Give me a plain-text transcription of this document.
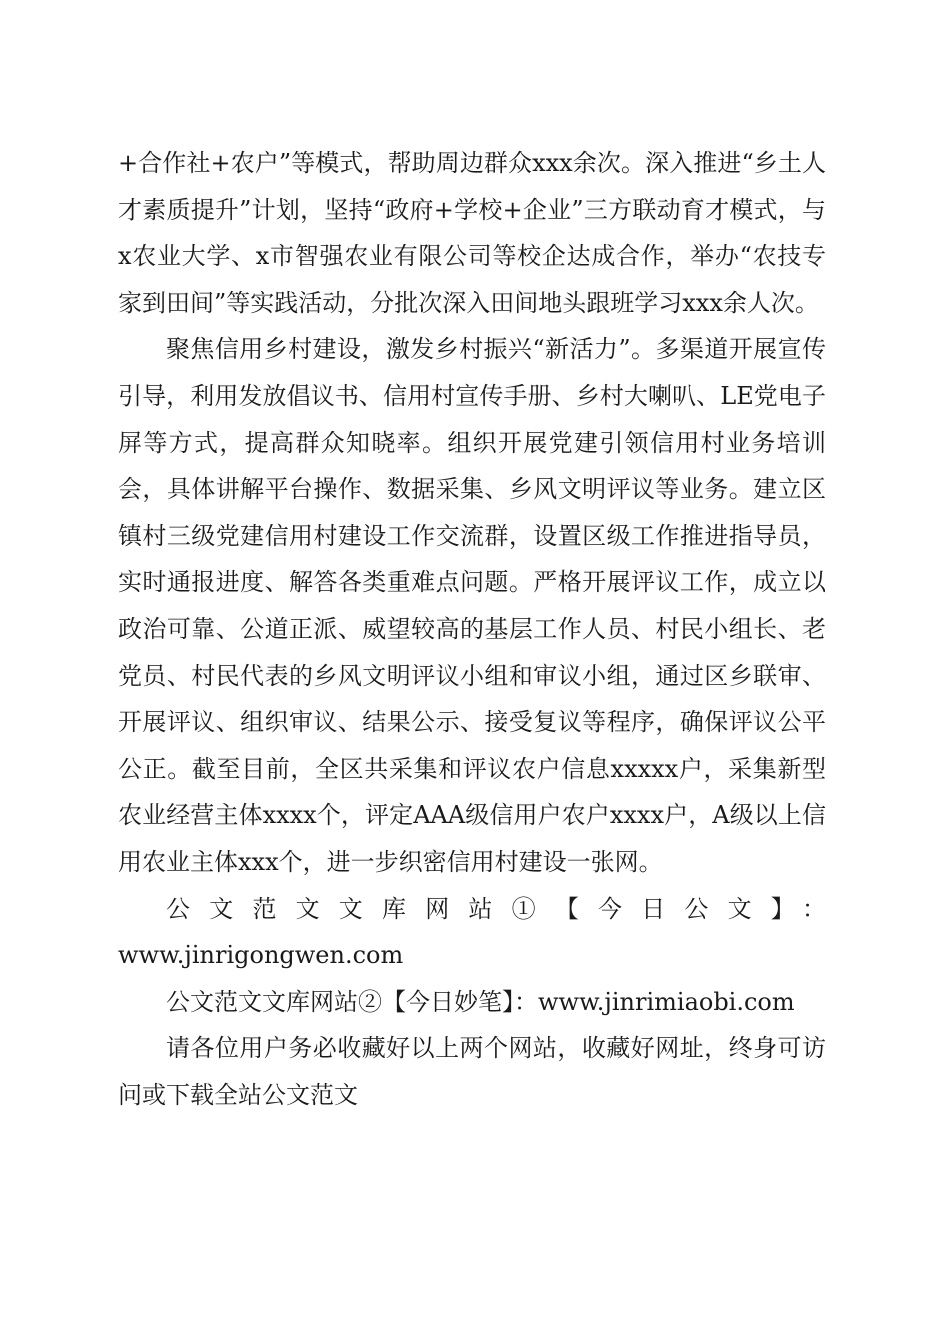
+合作社+农户”等模式，帮助周边群众xxx余次。深入推进“乡土人才素质提升”计划，坚持“政府+学校+企业”三方联动育才模式，与x农业大学、x市智强农业有限公司等校企达成合作，举办“农技专家到田间”等实践活动，分批次深入田间地头跟班学习xxx余人次。

聚焦信用乡村建设，激发乡村振兴“新活力”。多渠道开展宣传引导，利用发放倡议书、信用村宣传手册、乡村大喇叭、LE党电子屏等方式，提高群众知晓率。组织开展党建引领信用村业务培训会，具体讲解平台操作、数据采集、乡风文明评议等业务。建立区镇村三级党建信用村建设工作交流群，设置区级工作推进指导员，实时通报进度、解答各类重难点问题。严格开展评议工作，成立以政治可靠、公道正派、威望较高的基层工作人员、村民小组长、老党员、村民代表的乡风文明评议小组和审议小组，通过区乡联审、开展评议、组织审议、结果公示、接受复议等程序，确保评议公平公正。截至目前，全区共采集和评议农户信息xxxxx户，采集新型农业经营主体xxxx个，评定AAA级信用户农户xxxx户，A级以上信用农业主体xxx个，进一步织密信用村建设一张网。

公文范文文库网站①【今日公文】：

www.jinrigongwen.com

公文范文文库网站②【今日妙笔】：www.jinrimiaobi.com

请各位用户务必收藏好以上两个网站，收藏好网址，终身可访问或下载全站公文范文
